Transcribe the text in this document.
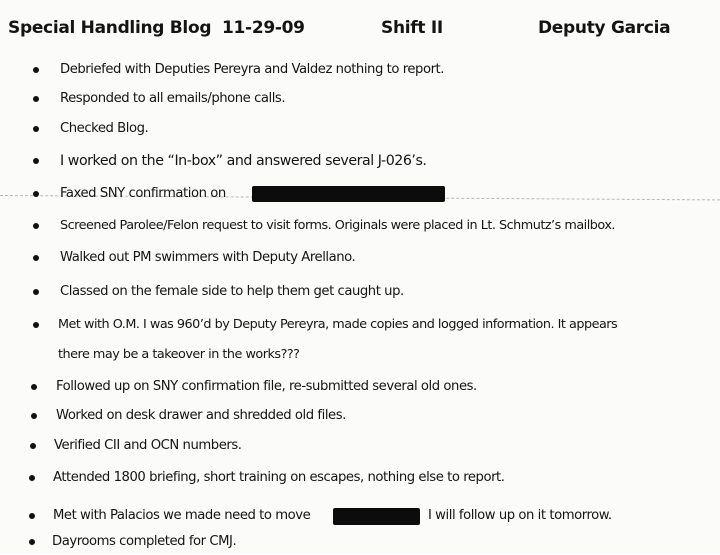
Special Handling Blog 11-29-09	Shift II	Deputy Garcia
Debriefed with Deputies Pereyra and Valdez nothing to report.
Responded to all emails/phone calls.
Checked Blog.
I worked on the “In-box” and answered several J-026’s.
Faxed SNY confirmation on
Screened Parolee/Felon request to visit forms. Originals were placed in Lt. Schmutz’s mailbox.
Walked out PM swimmers with Deputy Arellano.
Classed on the female side to help them get caught up.
Met with O.M. I was 960’d by Deputy Pereyra, made copies and logged information. It appears
there may be a takeover in the works???
Followed up on SNY confirmation file, re-submitted several old ones.
Worked on desk drawer and shredded old files.
Verified CII and OCN numbers.
Attended 1800 briefing, short training on escapes, nothing else to report.
Met with Palacios we made need to move	I will follow up on it tomorrow.
Dayrooms completed for CMJ.
